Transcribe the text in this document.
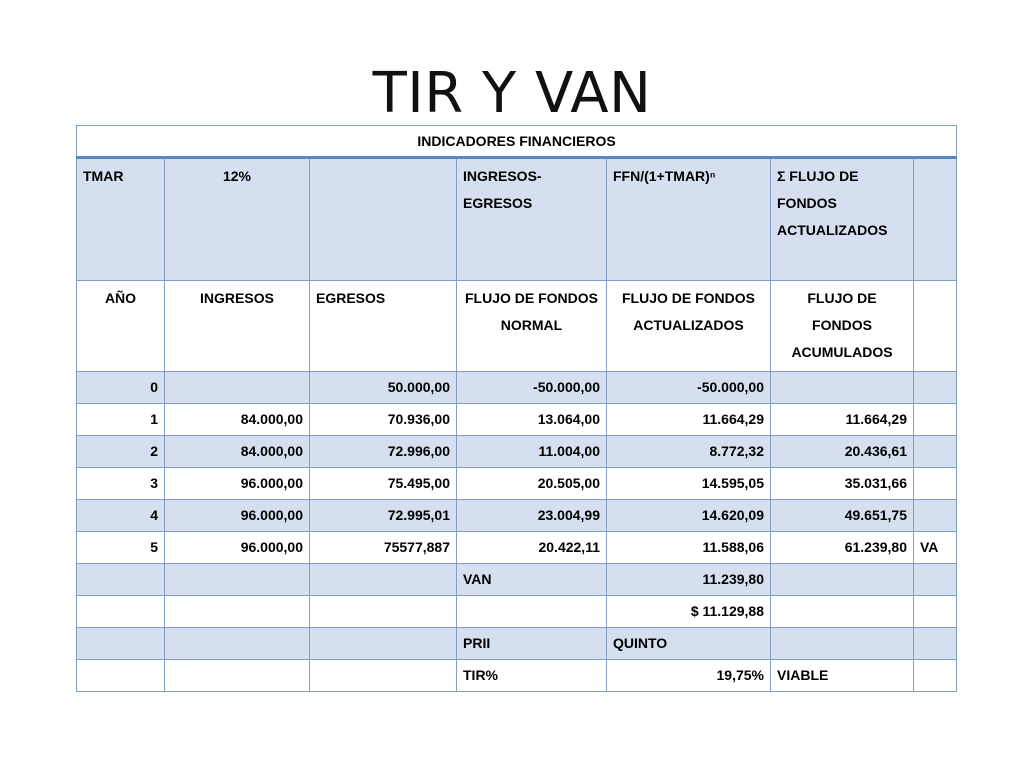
TIR Y VAN
INDICADORES FINANCIEROS						
TMAR	12%		INGRESOS- EGRESOS	FFN/(1+TMAR)ⁿ	Σ FLUJO DE FONDOS ACTUALIZADOS	
AÑO	INGRESOS	EGRESOS	FLUJO DE FONDOS NORMAL	FLUJO DE FONDOS ACTUALIZADOS	FLUJO DE FONDOS ACUMULADOS	
0		50.000,00	-50.000,00	-50.000,00		
1	84.000,00	70.936,00	13.064,00	11.664,29	11.664,29	
2	84.000,00	72.996,00	11.004,00	8.772,32	20.436,61	
3	96.000,00	75.495,00	20.505,00	14.595,05	35.031,66	
4	96.000,00	72.995,01	23.004,99	14.620,09	49.651,75	
5	96.000,00	75577,887	20.422,11	11.588,06	61.239,80	VA
			VAN	11.239,80		
				$ 11.129,88		
			PRII	QUINTO		
			TIR%	19,75%	VIABLE	
